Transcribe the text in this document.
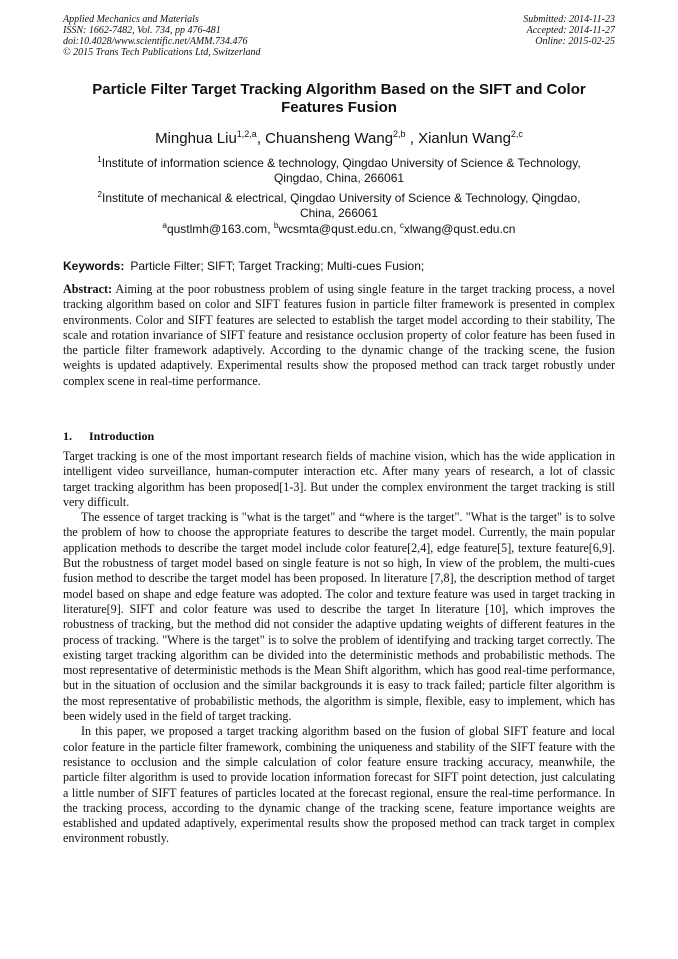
Applied Mechanics and Materials
ISSN: 1662-7482, Vol. 734, pp 476-481
doi:10.4028/www.scientific.net/AMM.734.476
© 2015 Trans Tech Publications Ltd, Switzerland
Submitted: 2014-11-23
Accepted: 2014-11-27
Online: 2015-02-25
Particle Filter Target Tracking Algorithm Based on the SIFT and Color Features Fusion
Minghua Liu$^{1,2,a}$, Chuansheng Wang$^{2,b}$ , Xianlun Wang$^{2,c}$
$^1$Institute of information science & technology, Qingdao University of Science & Technology, Qingdao, China, 266061
$^2$Institute of mechanical & electrical, Qingdao University of Science & Technology, Qingdao, China, 266061
$^a$qustlmh@163.com, $^b$wcsmta@qust.edu.cn, $^c$xlwang@qust.edu.cn
Keywords: Particle Filter; SIFT; Target Tracking; Multi-cues Fusion;
Abstract: Aiming at the poor robustness problem of using single feature in the target tracking process, a novel tracking algorithm based on color and SIFT features fusion in particle filter framework is presented in complex environments. Color and SIFT features are selected to establish the target model according to their stability, The scale and rotation invariance of SIFT feature and resistance occlusion property of color feature has been fused in the particle filter framework adaptively. According to the dynamic change of the tracking scene, the fusion weights is updated adaptively. Experimental results show the proposed method can track target robustly under complex scene in real-time performance.
1. Introduction

Target tracking is one of the most important research fields of machine vision, which has the wide application in intelligent video surveillance, human-computer interaction etc. After many years of research, a lot of classic target tracking algorithm has been proposed[1-3]. But under the complex environment the target tracking is still very difficult.

The essence of target tracking is "what is the target" and “where is the target". "What is the target" is to solve the problem of how to choose the appropriate features to describe the target model. Currently, the main popular application methods to describe the target model include color feature[2,4], edge feature[5], texture feature[6,9]. But the robustness of target model based on single feature is not so high, In view of the problem, the multi-cues fusion method to describe the target model has been proposed. In literature [7,8], the description method of target model based on shape and edge feature was adopted. The color and texture feature was used in target tracking in literature[9]. SIFT and color feature was used to describe the target In literature [10], which improves the robustness of tracking, but the method did not consider the adaptive updating weights of different features in the process of tracking. "Where is the target" is to solve the problem of identifying and tracking target correctly. The existing target tracking algorithm can be divided into the deterministic methods and probabilistic methods. The most representative of deterministic methods is the Mean Shift algorithm, which has good real-time performance, but in the situation of occlusion and the similar backgrounds it is easy to track failed; particle filter algorithm is the most representative of probabilistic methods, the algorithm is simple, flexible, easy to implement, which has been widely used in the field of target tracking.

In this paper, we proposed a target tracking algorithm based on the fusion of global SIFT feature and local color feature in the particle filter framework, combining the uniqueness and stability of the SIFT feature with the resistance to occlusion and the simple calculation of color feature ensure tracking accuracy, meanwhile, the particle filter algorithm is used to provide location information forecast for SIFT point detection, just calculating a little number of SIFT features of particles located at the forecast regional, ensure the real-time performance. In the tracking process, according to the dynamic change of the tracking scene, feature importance weights are established and updated adaptively, experimental results show the proposed method can track target in complex environment robustly.
